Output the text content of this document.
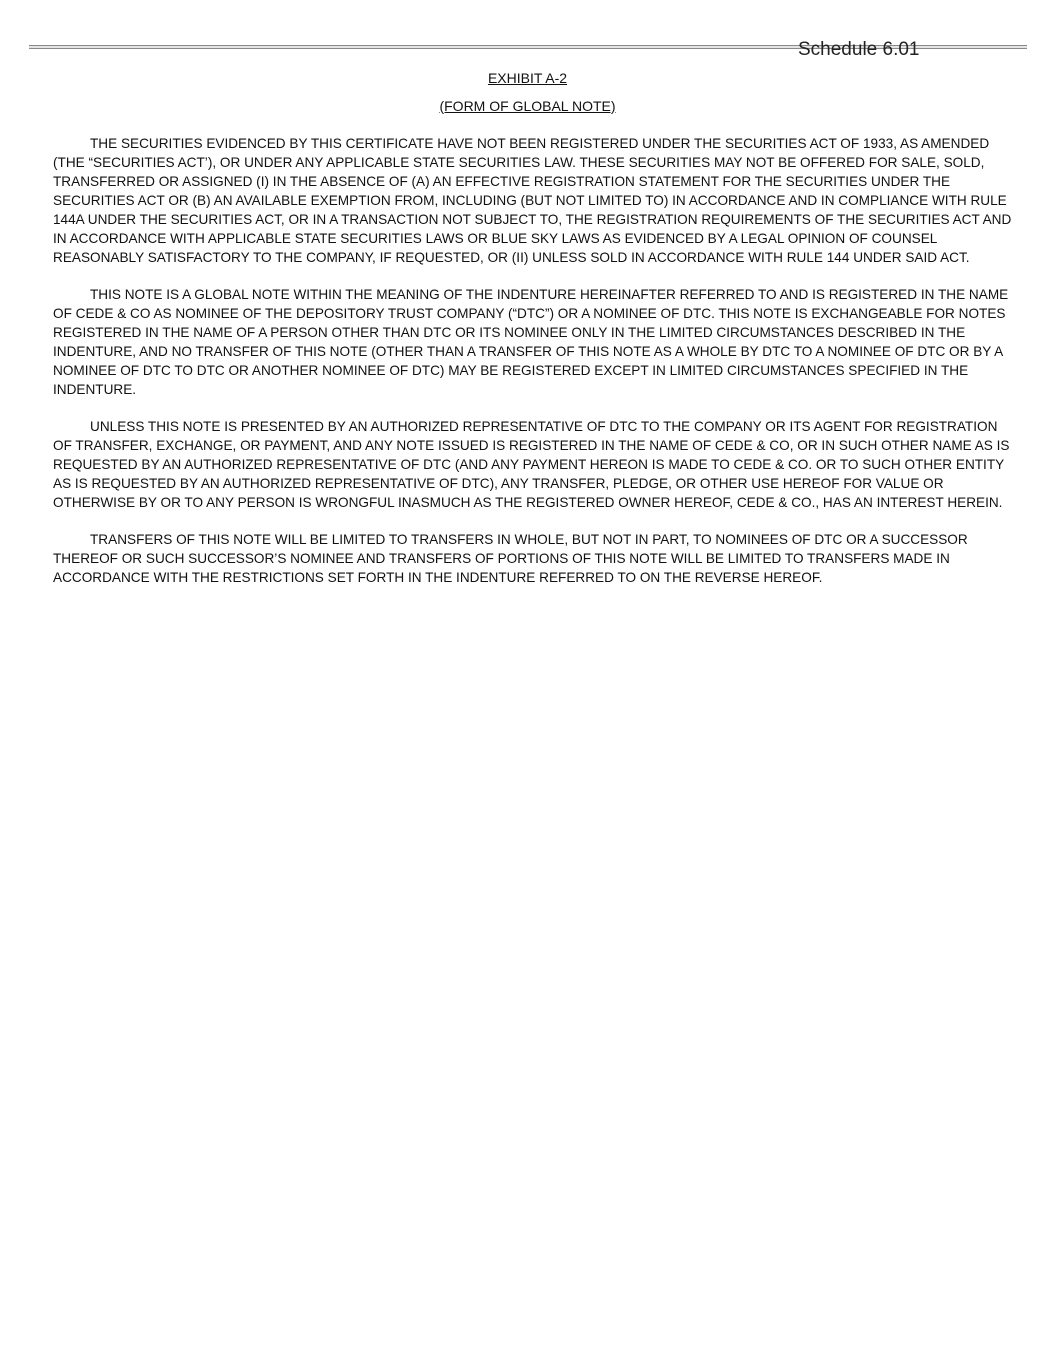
Schedule 6.01
EXHIBIT A-2
(FORM OF GLOBAL NOTE)

THE SECURITIES EVIDENCED BY THIS CERTIFICATE HAVE NOT BEEN REGISTERED UNDER THE SECURITIES ACT OF 1933, AS AMENDED (THE “SECURITIES ACT’), OR UNDER ANY APPLICABLE STATE SECURITIES LAW. THESE SECURITIES MAY NOT BE OFFERED FOR SALE, SOLD, TRANSFERRED OR ASSIGNED (I) IN THE ABSENCE OF (A) AN EFFECTIVE REGISTRATION STATEMENT FOR THE SECURITIES UNDER THE SECURITIES ACT OR (B) AN AVAILABLE EXEMPTION FROM, INCLUDING (BUT NOT LIMITED TO) IN ACCORDANCE AND IN COMPLIANCE WITH RULE 144A UNDER THE SECURITIES ACT, OR IN A TRANSACTION NOT SUBJECT TO, THE REGISTRATION REQUIREMENTS OF THE SECURITIES ACT AND IN ACCORDANCE WITH APPLICABLE STATE SECURITIES LAWS OR BLUE SKY LAWS AS EVIDENCED BY A LEGAL OPINION OF COUNSEL REASONABLY SATISFACTORY TO THE COMPANY, IF REQUESTED, OR (II) UNLESS SOLD IN ACCORDANCE WITH RULE 144 UNDER SAID ACT.

THIS NOTE IS A GLOBAL NOTE WITHIN THE MEANING OF THE INDENTURE HEREINAFTER REFERRED TO AND IS REGISTERED IN THE NAME OF CEDE & CO AS NOMINEE OF THE DEPOSITORY TRUST COMPANY (“DTC”) OR A NOMINEE OF DTC. THIS NOTE IS EXCHANGEABLE FOR NOTES REGISTERED IN THE NAME OF A PERSON OTHER THAN DTC OR ITS NOMINEE ONLY IN THE LIMITED CIRCUMSTANCES DESCRIBED IN THE INDENTURE, AND NO TRANSFER OF THIS NOTE (OTHER THAN A TRANSFER OF THIS NOTE AS A WHOLE BY DTC TO A NOMINEE OF DTC OR BY A NOMINEE OF DTC TO DTC OR ANOTHER NOMINEE OF DTC) MAY BE REGISTERED EXCEPT IN LIMITED CIRCUMSTANCES SPECIFIED IN THE INDENTURE.

UNLESS THIS NOTE IS PRESENTED BY AN AUTHORIZED REPRESENTATIVE OF DTC TO THE COMPANY OR ITS AGENT FOR REGISTRATION OF TRANSFER, EXCHANGE, OR PAYMENT, AND ANY NOTE ISSUED IS REGISTERED IN THE NAME OF CEDE & CO, OR IN SUCH OTHER NAME AS IS REQUESTED BY AN AUTHORIZED REPRESENTATIVE OF DTC (AND ANY PAYMENT HEREON IS MADE TO CEDE & CO. OR TO SUCH OTHER ENTITY AS IS REQUESTED BY AN AUTHORIZED REPRESENTATIVE OF DTC), ANY TRANSFER, PLEDGE, OR OTHER USE HEREOF FOR VALUE OR OTHERWISE BY OR TO ANY PERSON IS WRONGFUL INASMUCH AS THE REGISTERED OWNER HEREOF, CEDE & CO., HAS AN INTEREST HEREIN.

TRANSFERS OF THIS NOTE WILL BE LIMITED TO TRANSFERS IN WHOLE, BUT NOT IN PART, TO NOMINEES OF DTC OR A SUCCESSOR THEREOF OR SUCH SUCCESSOR’S NOMINEE AND TRANSFERS OF PORTIONS OF THIS NOTE WILL BE LIMITED TO TRANSFERS MADE IN ACCORDANCE WITH THE RESTRICTIONS SET FORTH IN THE INDENTURE REFERRED TO ON THE REVERSE HEREOF.
